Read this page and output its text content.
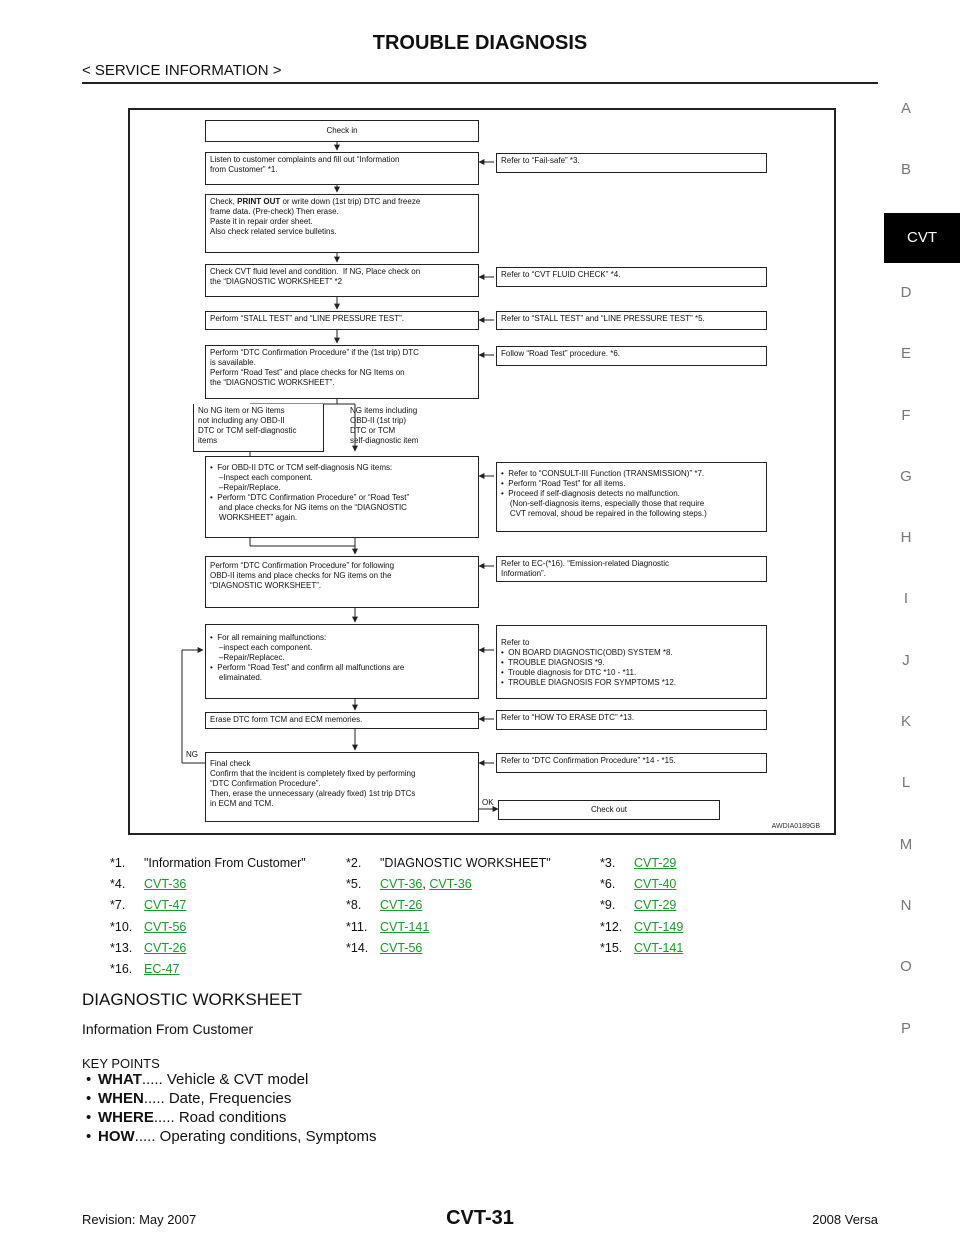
TROUBLE DIAGNOSIS
< SERVICE INFORMATION >
A
B
CVT
D
E
F
G
H
I
J
K
L
M
N
O
P
Check in
Listen to customer complaints and fill out “Information
from Customer” *1.
Check, PRINT OUT or write down (1st trip) DTC and freeze
frame data. (Pre-check) Then erase.
Paste it in repair order sheet.
Also check related service bulletins.
Check CVT fluid level and condition.  If NG, Place check on
the “DIAGNOSTIC WORKSHEET” *2
Perform “STALL TEST” and “LINE PRESSURE TEST”.
Perform “DTC Confirmation Procedure” if the (1st trip) DTC
is savailable.
Perform “Road Test” and place checks for NG Items on
the “DIAGNOSTIC WORKSHEET”.
No NG item or NG items
not including any OBD-II
DTC or TCM self-diagnostic
items
NG items including
OBD-II (1st trip)
DTC or TCM
self-diagnostic item
•  For OBD-II DTC or TCM self-diagnosis NG items:
–Inspect each component.
–Repair/Replace.
•  Perform “DTC Confirmation Procedure” or “Road Test”
and place checks for NG items on the “DIAGNOSTIC
WORKSHEET” again.
Perform “DTC Confirmation Procedure” for following
OBD-II items and place checks for NG items on the
“DIAGNOSTIC WORKSHEET”.
•  For all remaining malfunctions:
–inspect each component.
–Repair/Replacec.
•  Perform “Road Test” and confirm all malfunctions are
elimainated.
Erase DTC form TCM and ECM memories.
Final check
Confirm that the incident is completely fixed by performing
“DTC Confirmation Procedure”.
Then, erase the unnecessary (already fixed) 1st trip DTCs
in ECM and TCM.
Check out
Refer to “Fail-safe” *3.
Refer to “CVT FLUID CHECK” *4.
Refer to “STALL TEST” and “LINE PRESSURE TEST” *5.
Follow “Road Test” procedure. *6.
•  Refer to “CONSULT-III Function (TRANSMISSION)” *7.
•  Perform “Road Test” for all items.
•  Proceed if self-diagnosis detects no malfunction.
(Non-self-diagnosis items, especially those that require
CVT removal, shoud be repaired in the following steps.)
Refer to EC-(*16). “Emission-related Diagnostic
Information”.
Refer to
•  ON BOARD DIAGNOSTIC(OBD) SYSTEM *8.
•  TROUBLE DIAGNOSIS *9.
•  Trouble diagnosis for DTC *10 - *11.
•  TROUBLE DIAGNOSIS FOR SYMPTOMS *12.
Refer to “HOW TO ERASE DTC” *13.
Refer to “DTC Confirmation Procedure” *14 - *15.
NG
OK
AWDIA0189GB
*1."Information From Customer"	*2."DIAGNOSTIC WORKSHEET"	*3.CVT-29
*4.CVT-36	*5.CVT-36, CVT-36	*6.CVT-40
*7.CVT-47	*8.CVT-26	*9.CVT-29
*10.CVT-56	*11.CVT-141	*12.CVT-149
*13.CVT-26	*14.CVT-56	*15.CVT-141
*16.EC-47
DIAGNOSTIC WORKSHEET
Information From Customer
KEY POINTS
• WHAT..... Vehicle & CVT model
• WHEN..... Date, Frequencies
• WHERE..... Road conditions
• HOW..... Operating conditions, Symptoms
Revision: May 2007	CVT-31	2008 Versa
